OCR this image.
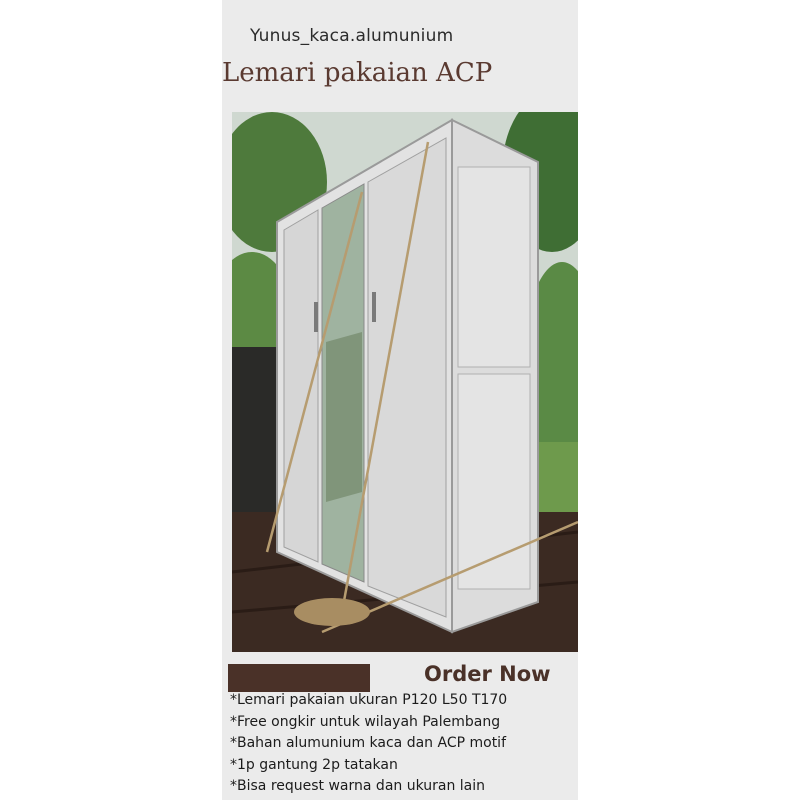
Yunus_kaca.alumunium
Lemari pakaian ACP
Order Now
*Lemari pakaian ukuran P120 L50 T170
*Free ongkir untuk wilayah Palembang
*Bahan alumunium kaca dan ACP motif
*1p gantung 2p tatakan
*Bisa request warna dan ukuran lain
